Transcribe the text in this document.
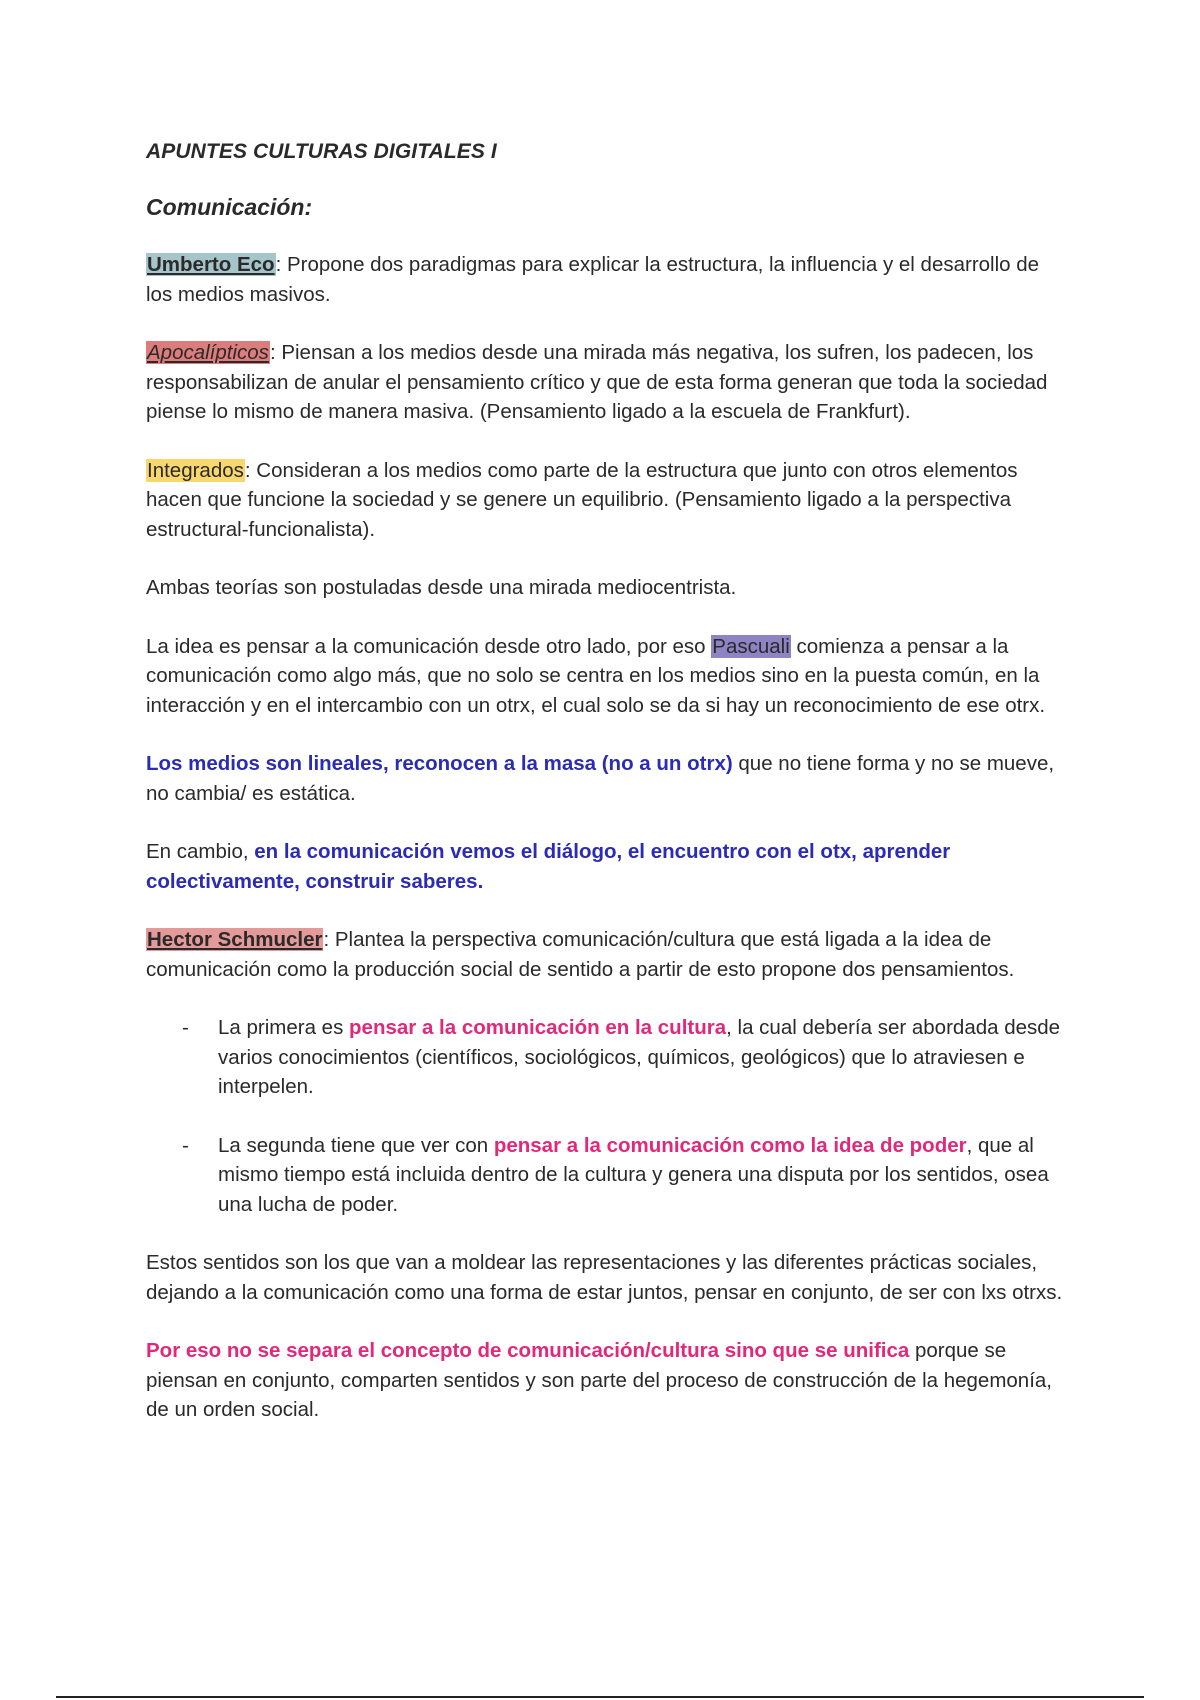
APUNTES CULTURAS DIGITALES I
Comunicación:

Umberto Eco: Propone dos paradigmas para explicar la estructura, la influencia y el desarrollo de los medios masivos.

Apocalípticos: Piensan a los medios desde una mirada más negativa, los sufren, los padecen, los responsabilizan de anular el pensamiento crítico y que de esta forma generan que toda la sociedad piense lo mismo de manera masiva. (Pensamiento ligado a la escuela de Frankfurt).

Integrados: Consideran a los medios como parte de la estructura que junto con otros elementos hacen que funcione la sociedad y se genere un equilibrio. (Pensamiento ligado a la perspectiva estructural-funcionalista).

Ambas teorías son postuladas desde una mirada mediocentrista.

La idea es pensar a la comunicación desde otro lado, por eso Pascuali comienza a pensar a la comunicación como algo más, que no solo se centra en los medios sino en la puesta común, en la interacción y en el intercambio con un otrx, el cual solo se da si hay un reconocimiento de ese otrx.

Los medios son lineales, reconocen a la masa (no a un otrx) que no tiene forma y no se mueve, no cambia/ es estática.

En cambio, en la comunicación vemos el diálogo, el encuentro con el otx, aprender colectivamente, construir saberes.

Hector Schmucler: Plantea la perspectiva comunicación/cultura que está ligada a la idea de comunicación como la producción social de sentido a partir de esto propone dos pensamientos.

- La primera es pensar a la comunicación en la cultura, la cual debería ser abordada desde varios conocimientos (científicos, sociológicos, químicos, geológicos) que lo atraviesen e interpelen.
- La segunda tiene que ver con pensar a la comunicación como la idea de poder, que al mismo tiempo está incluida dentro de la cultura y genera una disputa por los sentidos, osea una lucha de poder.

Estos sentidos son los que van a moldear las representaciones y las diferentes prácticas sociales, dejando a la comunicación como una forma de estar juntos, pensar en conjunto, de ser con lxs otrxs.

Por eso no se separa el concepto de comunicación/cultura sino que se unifica porque se piensan en conjunto, comparten sentidos y son parte del proceso de construcción de la hegemonía, de un orden social.
